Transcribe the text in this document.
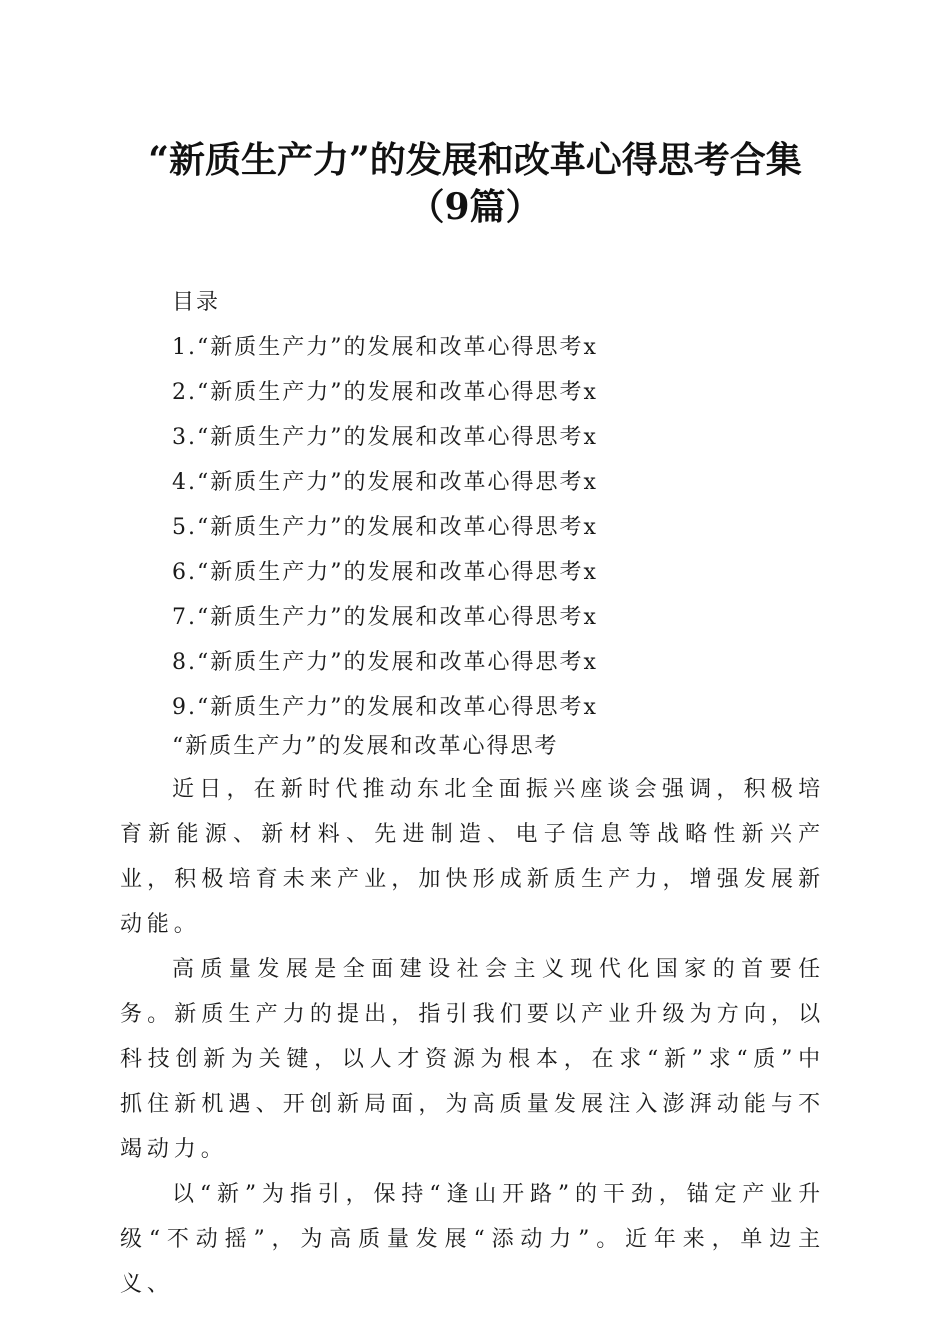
“新质生产力”的发展和改革心得思考合集
（9篇）
目录
1.“新质生产力”的发展和改革心得思考x
2.“新质生产力”的发展和改革心得思考x
3.“新质生产力”的发展和改革心得思考x
4.“新质生产力”的发展和改革心得思考x
5.“新质生产力”的发展和改革心得思考x
6.“新质生产力”的发展和改革心得思考x
7.“新质生产力”的发展和改革心得思考x
8.“新质生产力”的发展和改革心得思考x
9.“新质生产力”的发展和改革心得思考x
“新质生产力”的发展和改革心得思考

近日，在新时代推动东北全面振兴座谈会强调，积极培育新能源、新材料、先进制造、电子信息等战略性新兴产业，积极培育未来产业，加快形成新质生产力，增强发展新动能。

高质量发展是全面建设社会主义现代化国家的首要任务。新质生产力的提出，指引我们要以产业升级为方向，以科技创新为关键，以人才资源为根本，在求“新”求“质”中抓住新机遇、开创新局面，为高质量发展注入澎湃动能与不竭动力。

以“新”为指引，保持“逢山开路”的干劲，锚定产业升级“不动摇”，为高质量发展“添动力”。近年来，单边主义、
